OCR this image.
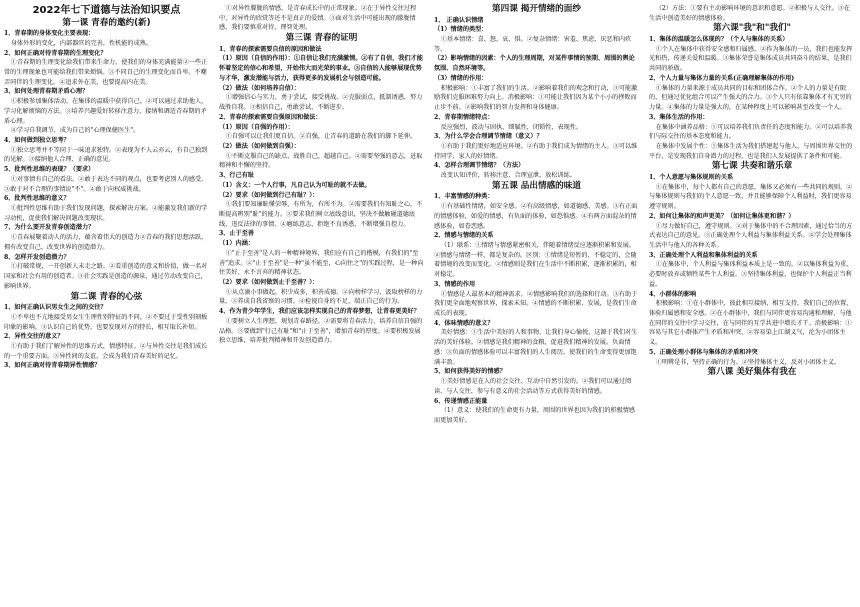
2022年七下道德与法治知识要点

第一课 青春的邀约(新)

1、青春期的身体变化主要表现：

身体外形的变化，内部器官的完善，性机能的成熟。

2、如何正确对待青春期的生理变化？

①青春期的生理变化给我们带来生命力，使我们的身体充满能量②一些正常的生理现象也可能给我们带来烦恼。③不同自己的生理变化而自卑。不嘲弄同伴的生理变化。④追求外在美，也要提高内在美。

3、如何处理青春期矛盾心理？

①积极参加集体活动，在集体的温暖中获得自己。②可以通过求助他人，学习化解烦恼的方法。③培养兴趣爱好转移注意力，接纳和调适青春期的矛盾心理。

④学习自我调节，成为自己的"心理保健医生"。

4、如何做到独立思考？

①独立思考并不等同于一味追求独特。②表现为不人云亦云，有自己独到的见解。③接纳他人合理、正确的意见。

5、批判性思维的表现？（要求）

①对事情有自己的看法。②敢于表达不同的观点，也要考虑别人的感受。③敢于对不合理的事情说"不"。④敢于向权威挑战。

6、批判性思维的意义？

①批判性思维有助于我们发现问题，探索解决方案。②能激发我们新的学习动机，促使我们解决问题改变现状。

7、为什么要开发青春创造潜力？

①青春展聚着动人的活力，蕴含着伟大的创造力②青春的我们思想活跃，拥有改变自己、改变世界的创造潜力。

8、怎样开发创造潜力？

①打破常规，一开创新人未走之路。②看重创造的意义和价值，做一名对国家和社会有用的创造者。③社会实践是创造的源泉，通过劳动改变自己，影响世界。

第二课 青春的心弦

1、如何正确认识男女生之间的交往？

①不卑也不亢地接受男女生生理性别特征的不同。②不要过于受性别刻板印象的影响。③认识自己的优势，也要发现对方的特长，相互取长补短。

2、异性交往的意义？

①有助于我们了解异性的思维方式，情感特征。②与异性交往是我们成长的一个重要方面。③异性间的友谊，会成为我们青春美好的记忆。

3、如何正确对待青春期异性情感？

①对异性朦胧的情感，是青春成长中的正常现象。②在于异性交往过程中，对异性的欣赏等还不是真正的爱情。③面对生活中可能出现的朦胧情感，我们要慎重对待，理智处理。

第三课 青春的证明

1、青春的探索需要自信的原因和做法

（1）原因（自信的作用）：①自信让我们充满激情。②有了自信，我们才能怀着坚定的信心和希望，开始伟大而光荣的事业。③自信的人能够展现优势与才华，激发潜能与活力，获得更多的发展机会与创造可能。

（2）做法（如何培养自信）：

①增强信心与实力，勇于尝试，接受挑战。②克服弱点，抵制诱惑，努力战胜自我。③相信自己，勇敢尝试，不断进步。

2、青春的探索需要自强原因和做法：

（1）原因（自强的作用）：

①自强可以让我们更自信。②自强，让青春的道路在我们的脚下延伸。

（2）做法（如何做到自强）：

①不断克服自己的缺点，战胜自己，超越自己。②需要坚强的意志，迸取精神和不懈的坚持。

3、行己有耻

（1）含义：一个人行事，凡自己认为可耻的就不去做。

（2）要求（如何做到行己有耻？）：

①我们要知廉耻懂荣辱，有所为，有所不为。②需要我们有知耻之心，不断提高辨别"耻"的能力。③要求我们树立底线意识，坚决不做触碰道德底线、违反法律的事情。④磨练意志，拒绝不良诱惑，不断增强自控力。

3、止于至善

（1）内涵：

①"止于至善"是人的一种精神境界，我们应有自己的楷模，有我们的"至善"追求。②"止于至善"是一种"虽不能至，心向往之"的实践过程，是一种向往美好、永不言弃的精神状态。

（2）要求（如何做到止于至善？）：

①从点滴小事做起，积少成多，积善成德。②向榜样学习，汲取榜样的力量。③养成自我省察的习惯。④检视自身的不足，端正自己的行为。

4、作为青少年学生，我们应该怎样实现自己的青春梦想，让青春更美好？

①要树立人生理想，规划青春路径。②需要将青春活力，培养自信自强的品格。③要做到"行己有耻"和"止于至善"，增加青春的厚度。④要积极发展独立思维，培养批判精神和开发创造潜力。

第四课 揭开情绪的面纱

1、 正确认识情绪

（1）情绪的类型：

①基本情绪：喜、怒、哀、惧。②复杂情绪：害羞、焦虑、厌恶和内疚等。

（2）影响情绪的因素：个人的生理周期，对某件事情的预期、周围的舆论氛围、自然环境等。

（3）情绪的作用：

积极影响：①丰富了我们的生活。②影响着我们的观念和行动，③可能激励我们克服困难努力向上。消极影响：①可能让我们因为某个小小的挫败而止步不前。②影响我们的智力发挥和身体健康。

2、青春期情绪特点：

反应强烈，波动与固执，细腻性，闭锁性，表现性。

3、为什么学会合理调节情绪（意义）？

①有助于我们更好地适应环境。②有助于我们成为情绪的主人。③可以维持同学、家人的好情绪。

4、怎样合理调节情绪？（方法）

改变认知评价、转移注意、合理宣泄、放松训练。

第五课 品出情感的味道

1、丰富情感的种类：

①有基础性情绪，如安全感。②有高级情感，如道德感、美感。③有正面的情感体验，如爱的情感，有负面的体验，如恐惧感。④有两方面混杂的情感体验，如眷恋感。

2、情感与情绪的关系

（1）联系：①情绪与情感紧密相关，伴随着情绪反应逐渐积累和发展。②情感与情绪一样，都是复杂的。区别：①情绪是短暂的、不稳定的，会随着情境的改变而变化。②情感则是我们在生活中不断积累，逐渐积累的，相对稳定。

3、情感的作用

①情感是人最基本的精神需求。②情感影响我们的选择和行动。③有助于我们更全面地观察世界，探索未知。④情感的不断积累、发展，是我们生命成长的表现。

4、体味情感的意义？

美好情感：①生活中美好的人和事物，让我们身心愉悦，这源于我们对生活的美好体验。②情感是我们精神的食粮，促进我们精神的发展。负面情感：③负面的情感体验可以丰富我们的人生阅历，使我们的生命变得更加饱满丰盈。

5、如何获得美好的情感？

①美好情感是在人的社会交往、互动中自然引发的。②我们可以通过阅读、与人交往，参与有意义的社会活动等方式获得美好的情感。

6、传递情感正能量

（1）意义：使我们的生命更有力量，周围的世界也因为我们的积极情感而更加美好。

（2）方法：①要有主动影响环境的意识和意愿。②积极与人交往。③在生活中创造美好的情感体验。

第六课"我"和"我们"

1、集体的温暖怎么体现的？（个人与集体的关系）

①个人在集体中获得安全感和归属感。②作为集体的一员，我们也能发挥光和热，传递关爱和温暖。③集体荣誉是集体成员共同奋斗的结果，是我们共同的骄傲。

2、个人力量与集体力量的关系(正确理解集体的作用)

①集体的力量来源于成员共同的目标和团体合作。②个人的力量是有限的，但通过优化组合可以产生强大的合力。③个人只有依靠集体才有无穷的力量。④集体的力量是强大的，在某种程度上可以影响甚至改变一个人。

3、集体生活的作用：

在集体中涵养品格：①可以培养我们负责任的态度和能力。②可以培养我们与际交往的基本态度和能力。

在集体中发展个性：①集体生活为我们搭建起与他人、与周围世界交往的平台，是发现我们自身潜力的过程，也是我们人发展提供了条件和可能。

第七课 共奏和谐乐章

1、个人意愿与集体规则的关系

①在集体中，每个人都有自己的意愿，集体又必须有一些共同的规则。②与集体规则与我们的个人意愿一致，并且能够保障个人利益时，我们更容易遵守规则。

2、如何让集体的和声更美？（如何让集体更和谐？）

①尽力做好自己，遵守规则。②对于集体中的不合理因素，通过恰当的方式表达自己的意见。③正确处理个人利益与集体利益关系。④学会处理集体生活中与他人的各种关系。

3、正确处理个人利益和集体利益的关系

①在集体中，个人利益与集体利益本质上是一致的。②以集体利益为重，必要时放弃或牺牲某些个人利益。③坚持集体利益，也保护个人利益正当利益。

4、小群体的影响

积极影响：①在小群体中，彼此相互接纳，相互支持，我们自己的位置，体验归属感和安全感。②在小群体中，我们与同伴更容易沟通和理解，与他在同伴的交往中学习交往，在与同伴的互学共进中增长才干。消极影响：①容易与其它小群体产生矛盾和冲突，②容易染上江湖义气，沦为小团体主义。

5、正确处理小群体与集体的矛盾和冲突

①明辨是非，坚持正确的行为。②坚持集体主义，反对小团体主义。

第八课 美好集体有我在
